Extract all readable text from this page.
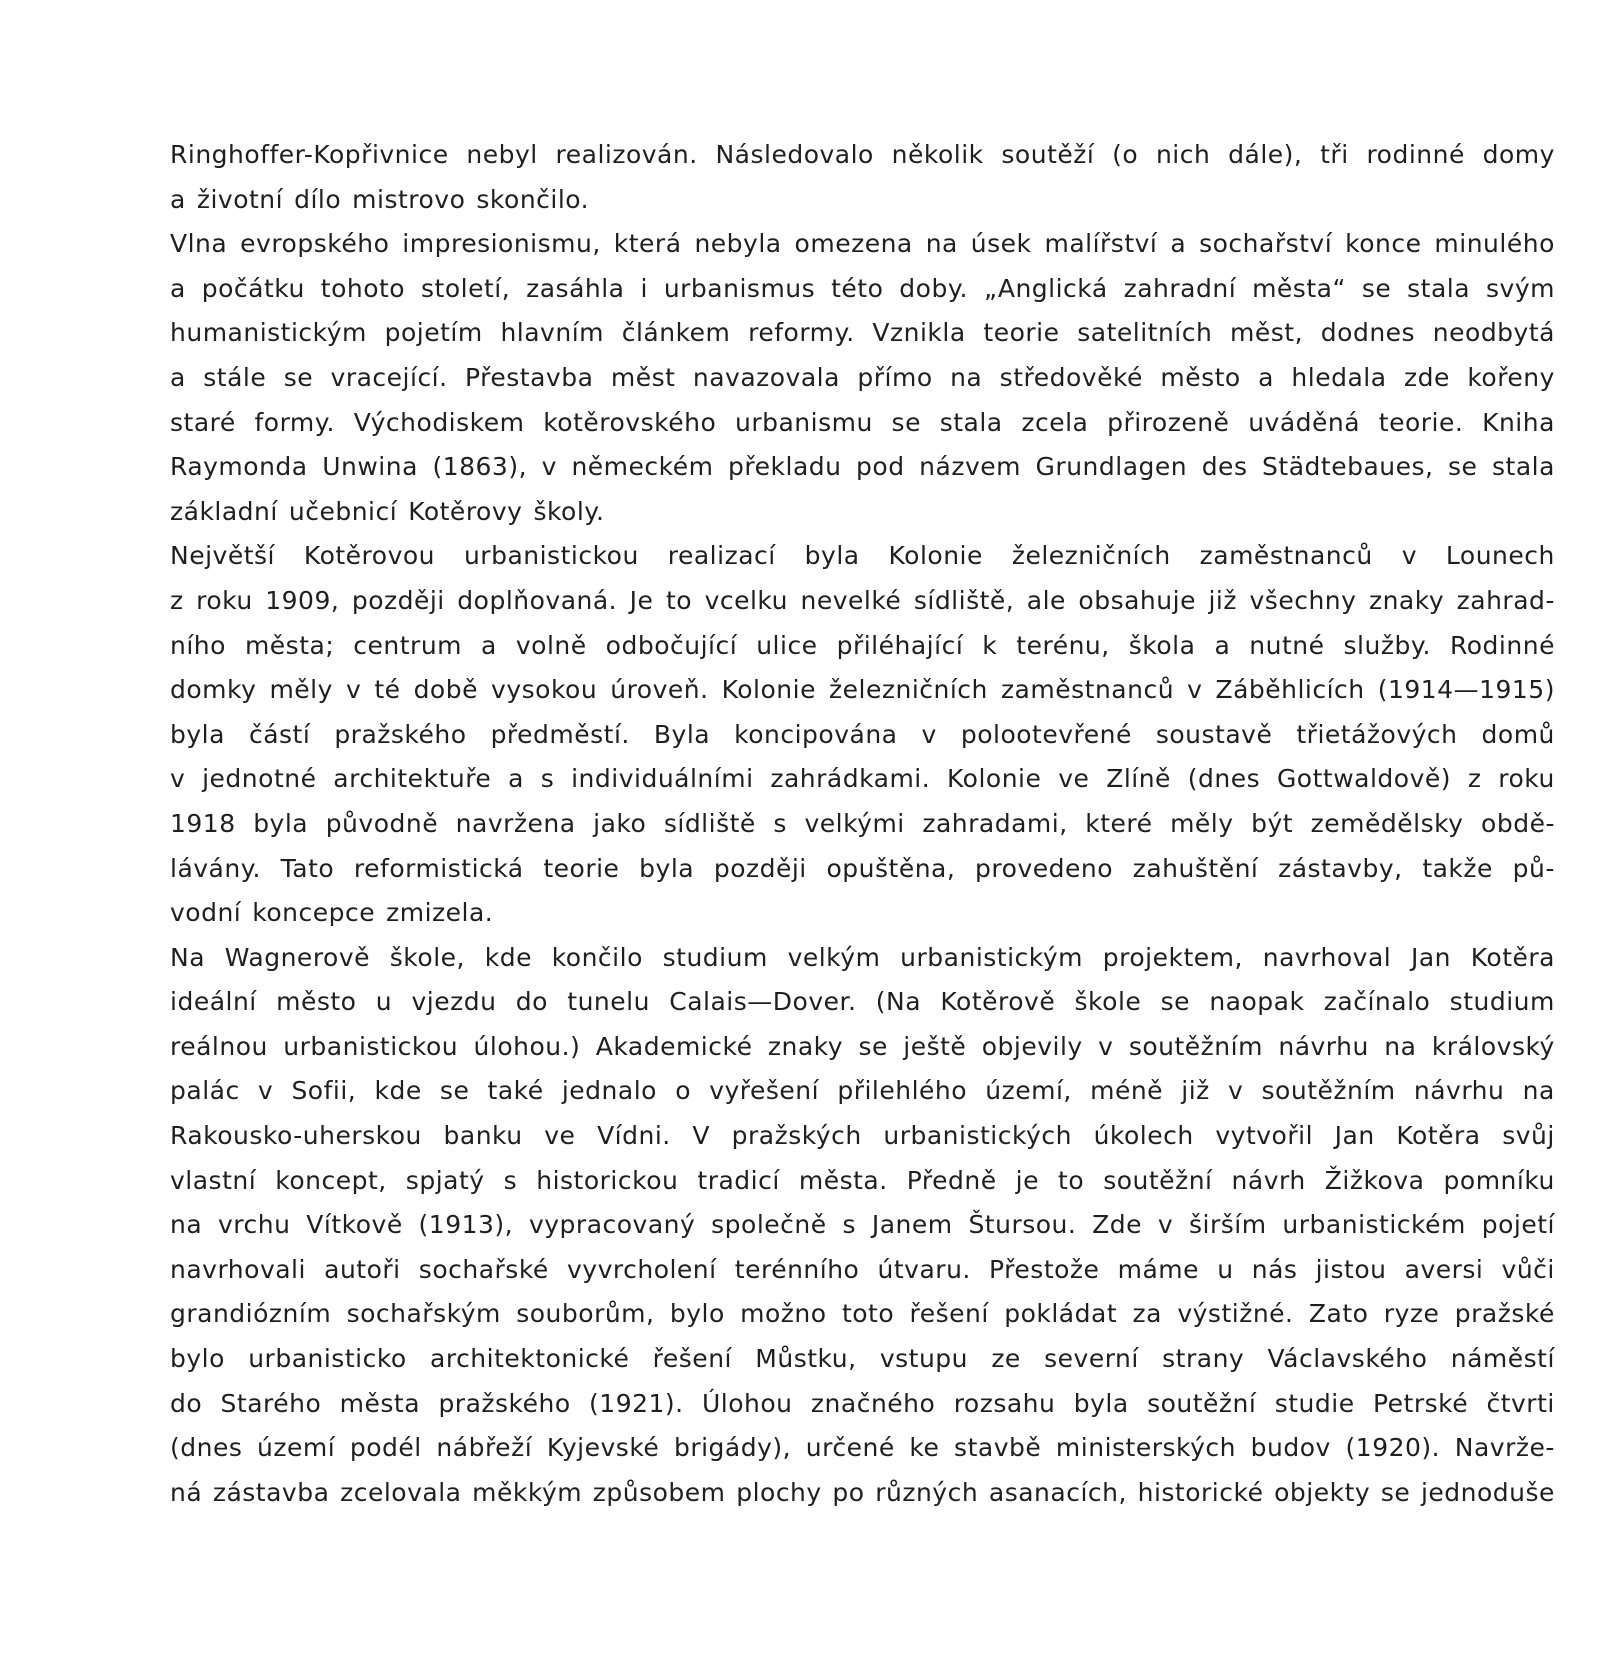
Ringhoffer-Kopřivnice nebyl realizován. Následovalo několik soutěží (o nich dále), tři rodinné domy
a životní dílo mistrovo skončilo.
Vlna evropského impresionismu, která nebyla omezena na úsek malířství a sochařství konce minulého
a počátku tohoto století, zasáhla i urbanismus této doby. „Anglická zahradní města“ se stala svým
humanistickým pojetím hlavním článkem reformy. Vznikla teorie satelitních měst, dodnes neodbytá
a stále se vracející. Přestavba měst navazovala přímo na středověké město a hledala zde kořeny
staré formy. Východiskem kotěrovského urbanismu se stala zcela přirozeně uváděná teorie. Kniha
Raymonda Unwina (1863), v německém překladu pod názvem Grundlagen des Städtebaues, se stala
základní učebnicí Kotěrovy školy.
Největší Kotěrovou urbanistickou realizací byla Kolonie železničních zaměstnanců v Lounech
z roku 1909, později doplňovaná. Je to vcelku nevelké sídliště, ale obsahuje již všechny znaky zahrad-
ního města; centrum a volně odbočující ulice přiléhající k terénu, škola a nutné služby. Rodinné
domky měly v té době vysokou úroveň. Kolonie železničních zaměstnanců v Záběhlicích (1914—1915)
byla částí pražského předměstí. Byla koncipována v polootevřené soustavě třietážových domů
v jednotné architektuře a s individuálními zahrádkami. Kolonie ve Zlíně (dnes Gottwaldově) z roku
1918 byla původně navržena jako sídliště s velkými zahradami, které měly být zemědělsky obdě-
lávány. Tato reformistická teorie byla později opuštěna, provedeno zahuštění zástavby, takže pů-
vodní koncepce zmizela.
Na Wagnerově škole, kde končilo studium velkým urbanistickým projektem, navrhoval Jan Kotěra
ideální město u vjezdu do tunelu Calais—Dover. (Na Kotěrově škole se naopak začínalo studium
reálnou urbanistickou úlohou.) Akademické znaky se ještě objevily v soutěžním návrhu na královský
palác v Sofii, kde se také jednalo o vyřešení přilehlého území, méně již v soutěžním návrhu na
Rakousko-uherskou banku ve Vídni. V pražských urbanistických úkolech vytvořil Jan Kotěra svůj
vlastní koncept, spjatý s historickou tradicí města. Předně je to soutěžní návrh Žižkova pomníku
na vrchu Vítkově (1913), vypracovaný společně s Janem Štursou. Zde v širším urbanistickém pojetí
navrhovali autoři sochařské vyvrcholení terénního útvaru. Přestože máme u nás jistou aversi vůči
grandiózním sochařským souborům, bylo možno toto řešení pokládat za výstižné. Zato ryze pražské
bylo urbanisticko architektonické řešení Můstku, vstupu ze severní strany Václavského náměstí
do Starého města pražského (1921). Úlohou značného rozsahu byla soutěžní studie Petrské čtvrti
(dnes území podél nábřeží Kyjevské brigády), určené ke stavbě ministerských budov (1920). Navrže-
ná zástavba zcelovala měkkým způsobem plochy po různých asanacích, historické objekty se jednoduše
